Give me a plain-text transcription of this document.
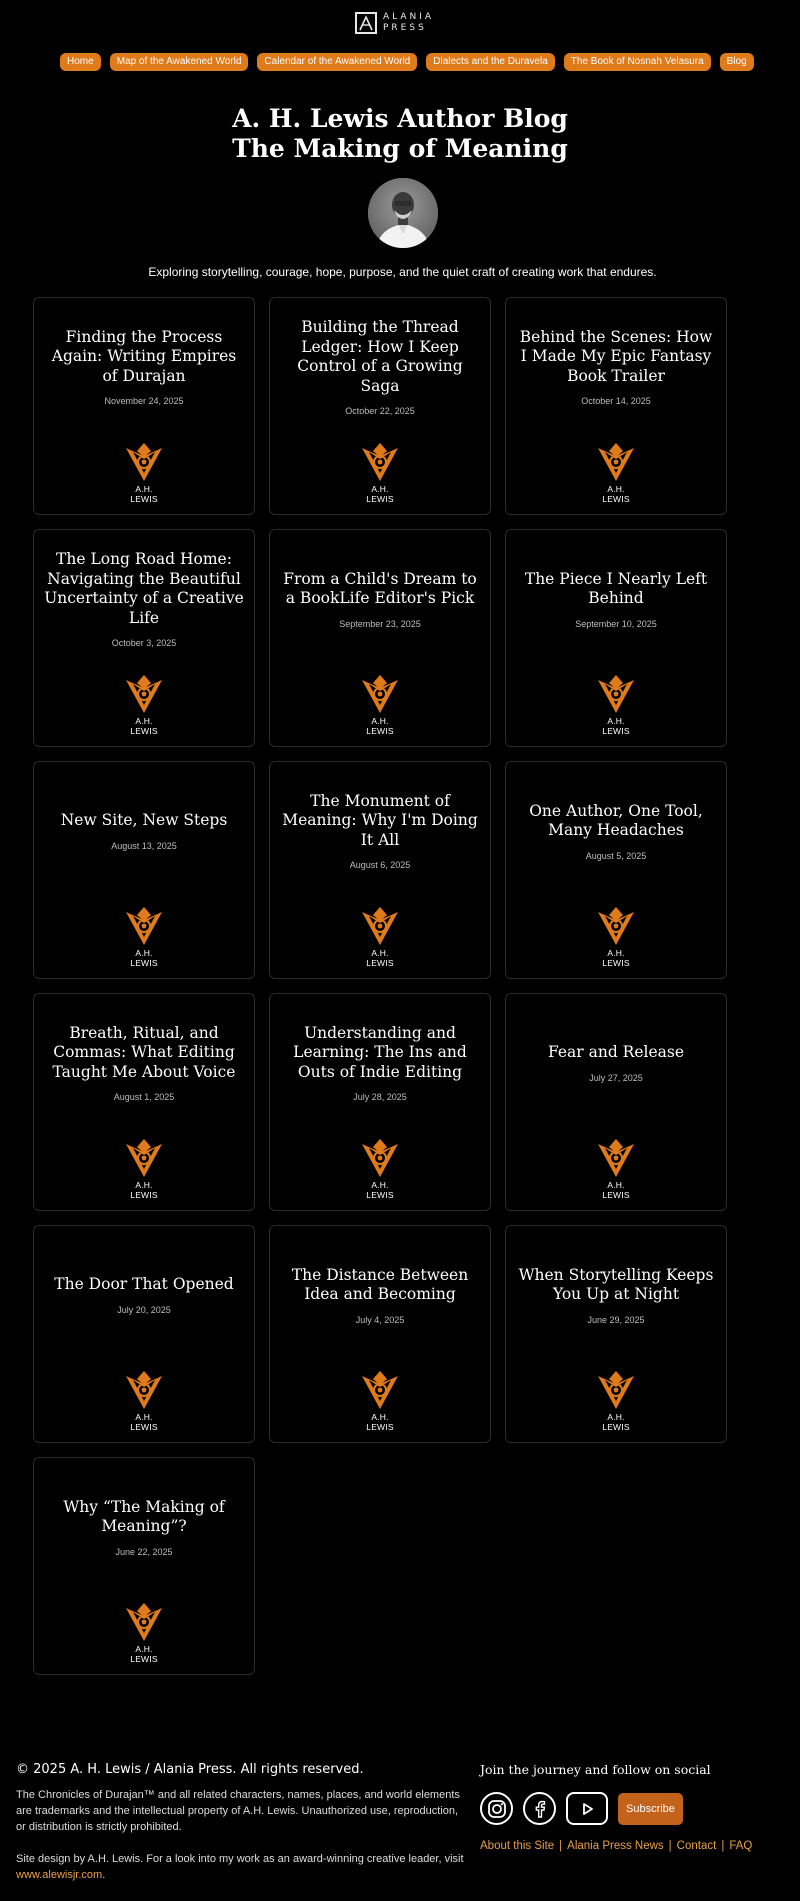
ALANIA
PRESS
Home	Map of the Awakened World	Calendar of the Awakened World	Dialects and the Duravela	The Book of Nosnah Velasura	Blog
A. H. Lewis Author Blog
The Making of Meaning

Exploring storytelling, courage, hope, purpose, and the quiet craft of creating work that endures.

Finding the Process Again: Writing Empires of Durajan
November 24, 2025
A.H. LEWIS
Building the Thread Ledger: How I Keep Control of a Growing Saga
October 22, 2025
A.H. LEWIS
Behind the Scenes: How I Made My Epic Fantasy Book Trailer
October 14, 2025
A.H. LEWIS
The Long Road Home: Navigating the Beautiful Uncertainty of a Creative Life
October 3, 2025
A.H. LEWIS
From a Child's Dream to a BookLife Editor's Pick
September 23, 2025
A.H. LEWIS
The Piece I Nearly Left Behind
September 10, 2025
A.H. LEWIS
New Site, New Steps
August 13, 2025
A.H. LEWIS
The Monument of Meaning: Why I'm Doing It All
August 6, 2025
A.H. LEWIS
One Author, One Tool, Many Headaches
August 5, 2025
A.H. LEWIS
Breath, Ritual, and Commas: What Editing Taught Me About Voice
August 1, 2025
A.H. LEWIS
Understanding and Learning: The Ins and Outs of Indie Editing
July 28, 2025
A.H. LEWIS
Fear and Release
July 27, 2025
A.H. LEWIS
The Door That Opened
July 20, 2025
A.H. LEWIS
The Distance Between Idea and Becoming
July 4, 2025
A.H. LEWIS
When Storytelling Keeps You Up at Night
June 29, 2025
A.H. LEWIS
Why “The Making of Meaning”?
June 22, 2025
A.H. LEWIS

© 2025 A. H. Lewis / Alania Press. All rights reserved.

The Chronicles of Durajan™ and all related characters, names, places, and world elements are trademarks and the intellectual property of A.H. Lewis. Unauthorized use, reproduction, or distribution is strictly prohibited.

Site design by A.H. Lewis. For a look into my work as an award-winning creative leader, visit www.alewisjr.com.

Join the journey and follow on social

Subscribe
About this Site | Alania Press News | Contact | FAQ
